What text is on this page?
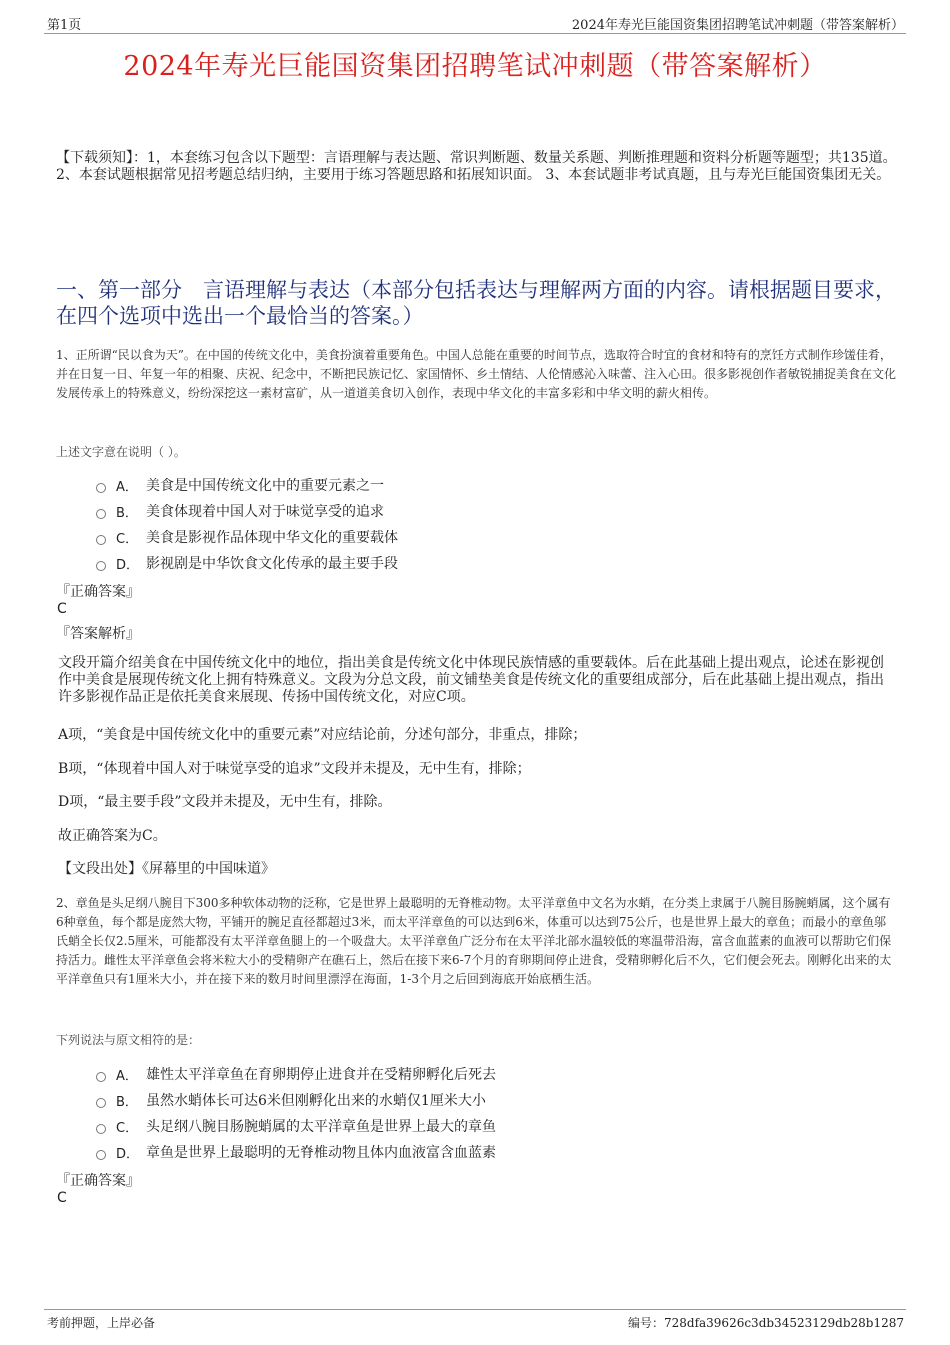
第1页	2024年寿光巨能国资集团招聘笔试冲刺题（带答案解析）
2024年寿光巨能国资集团招聘笔试冲刺题（带答案解析）
【下载须知】：1，本套练习包含以下题型：言语理解与表达题、常识判断题、数量关系题、判断推理题和资料分析题等题型；共135道。 2、本套试题根据常见招考题总结归纳，主要用于练习答题思路和拓展知识面。 3、本套试题非考试真题，且与寿光巨能国资集团无关。
一、第一部分　言语理解与表达（本部分包括表达与理解两方面的内容。请根据题目要求，在四个选项中选出一个最恰当的答案。）
1、正所谓“民以食为天”。在中国的传统文化中，美食扮演着重要角色。中国人总能在重要的时间节点，选取符合时宜的食材和特有的烹饪方式制作珍馐佳肴，并在日复一日、年复一年的相聚、庆祝、纪念中，不断把民族记忆、家国情怀、乡土情结、人伦情感沁入味蕾、注入心田。很多影视创作者敏锐捕捉美食在文化发展传承上的特殊意义，纷纷深挖这一素材富矿，从一道道美食切入创作，表现中华文化的丰富多彩和中华文明的薪火相传。
上述文字意在说明（ ）。
A． 美食是中国传统文化中的重要元素之一
B． 美食体现着中国人对于味觉享受的追求
C． 美食是影视作品体现中华文化的重要载体
D． 影视剧是中华饮食文化传承的最主要手段
『正确答案』
C
『答案解析』
文段开篇介绍美食在中国传统文化中的地位，指出美食是传统文化中体现民族情感的重要载体。后在此基础上提出观点，论述在影视创作中美食是展现传统文化上拥有特殊意义。文段为分总文段，前文铺垫美食是传统文化的重要组成部分，后在此基础上提出观点，指出许多影视作品正是依托美食来展现、传扬中国传统文化，对应C项。
A项，“美食是中国传统文化中的重要元素”对应结论前，分述句部分，非重点，排除；
B项，“体现着中国人对于味觉享受的追求”文段并未提及，无中生有，排除；
D项，“最主要手段”文段并未提及，无中生有，排除。
故正确答案为C。
【文段出处】《屏幕里的中国味道》
2、章鱼是头足纲八腕目下300多种软体动物的泛称，它是世界上最聪明的无脊椎动物。太平洋章鱼中文名为水蛸，在分类上隶属于八腕目肠腕蛸属，这个属有6种章鱼，每个都是庞然大物，平铺开的腕足直径都超过3米，而太平洋章鱼的可以达到6米，体重可以达到75公斤，也是世界上最大的章鱼；而最小的章鱼邬氏蛸全长仅2.5厘米，可能都没有太平洋章鱼腿上的一个吸盘大。太平洋章鱼广泛分布在太平洋北部水温较低的寒温带沿海，富含血蓝素的血液可以帮助它们保持活力。雌性太平洋章鱼会将米粒大小的受精卵产在礁石上，然后在接下来6-7个月的育卵期间停止进食，受精卵孵化后不久，它们便会死去。刚孵化出来的太平洋章鱼只有1厘米大小，并在接下来的数月时间里漂浮在海面，1-3个月之后回到海底开始底栖生活。
下列说法与原文相符的是：
A． 雄性太平洋章鱼在育卵期停止进食并在受精卵孵化后死去
B． 虽然水蛸体长可达6米但刚孵化出来的水蛸仅1厘米大小
C． 头足纲八腕目肠腕蛸属的太平洋章鱼是世界上最大的章鱼
D． 章鱼是世界上最聪明的无脊椎动物且体内血液富含血蓝素
『正确答案』
C
考前押题，上岸必备	编号：728dfa39626c3db34523129db28b1287
